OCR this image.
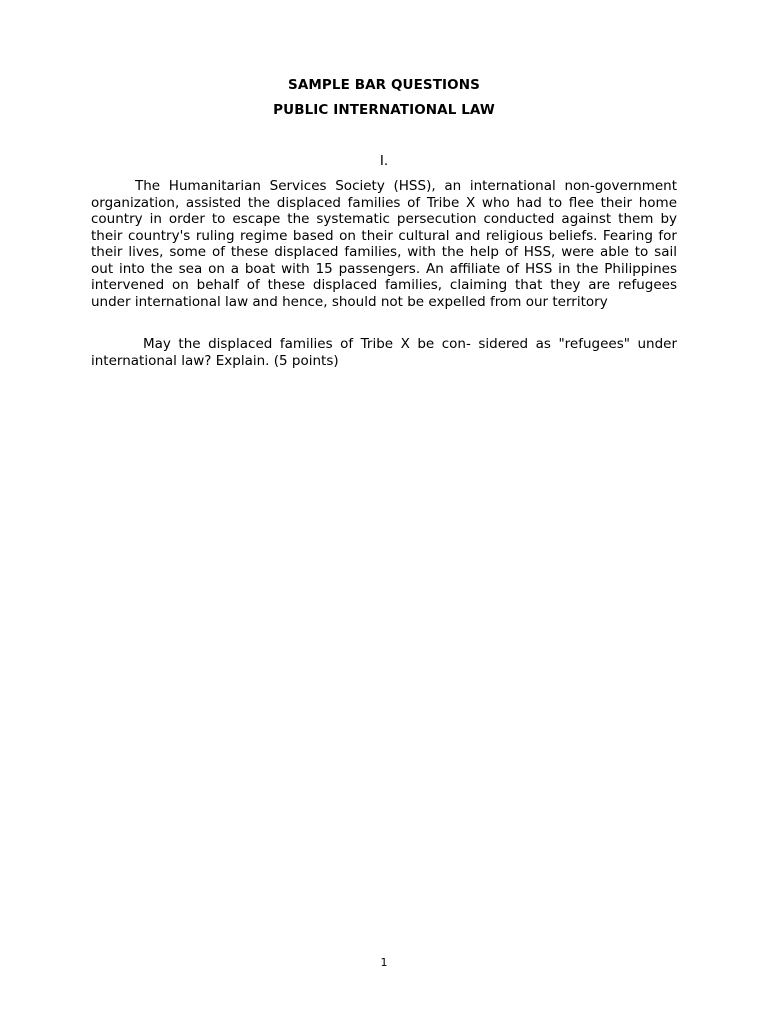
SAMPLE BAR QUESTIONS
PUBLIC INTERNATIONAL LAW
I.
The Humanitarian Services Society (HSS), an international non-government organization, assisted the displaced families of Tribe X who had to flee their home country in order to escape the systematic persecution conducted against them by their country's ruling regime based on their cultural and religious beliefs. Fearing for their lives, some of these displaced families, with the help of HSS, were able to sail out into the sea on a boat with 15 passengers. An affiliate of HSS in the Philippines intervened on behalf of these displaced families, claiming that they are refugees under international law and hence, should not be expelled from our territory
May the displaced families of Tribe X be con- sidered as "refugees" under international law? Explain. (5 points)
1
